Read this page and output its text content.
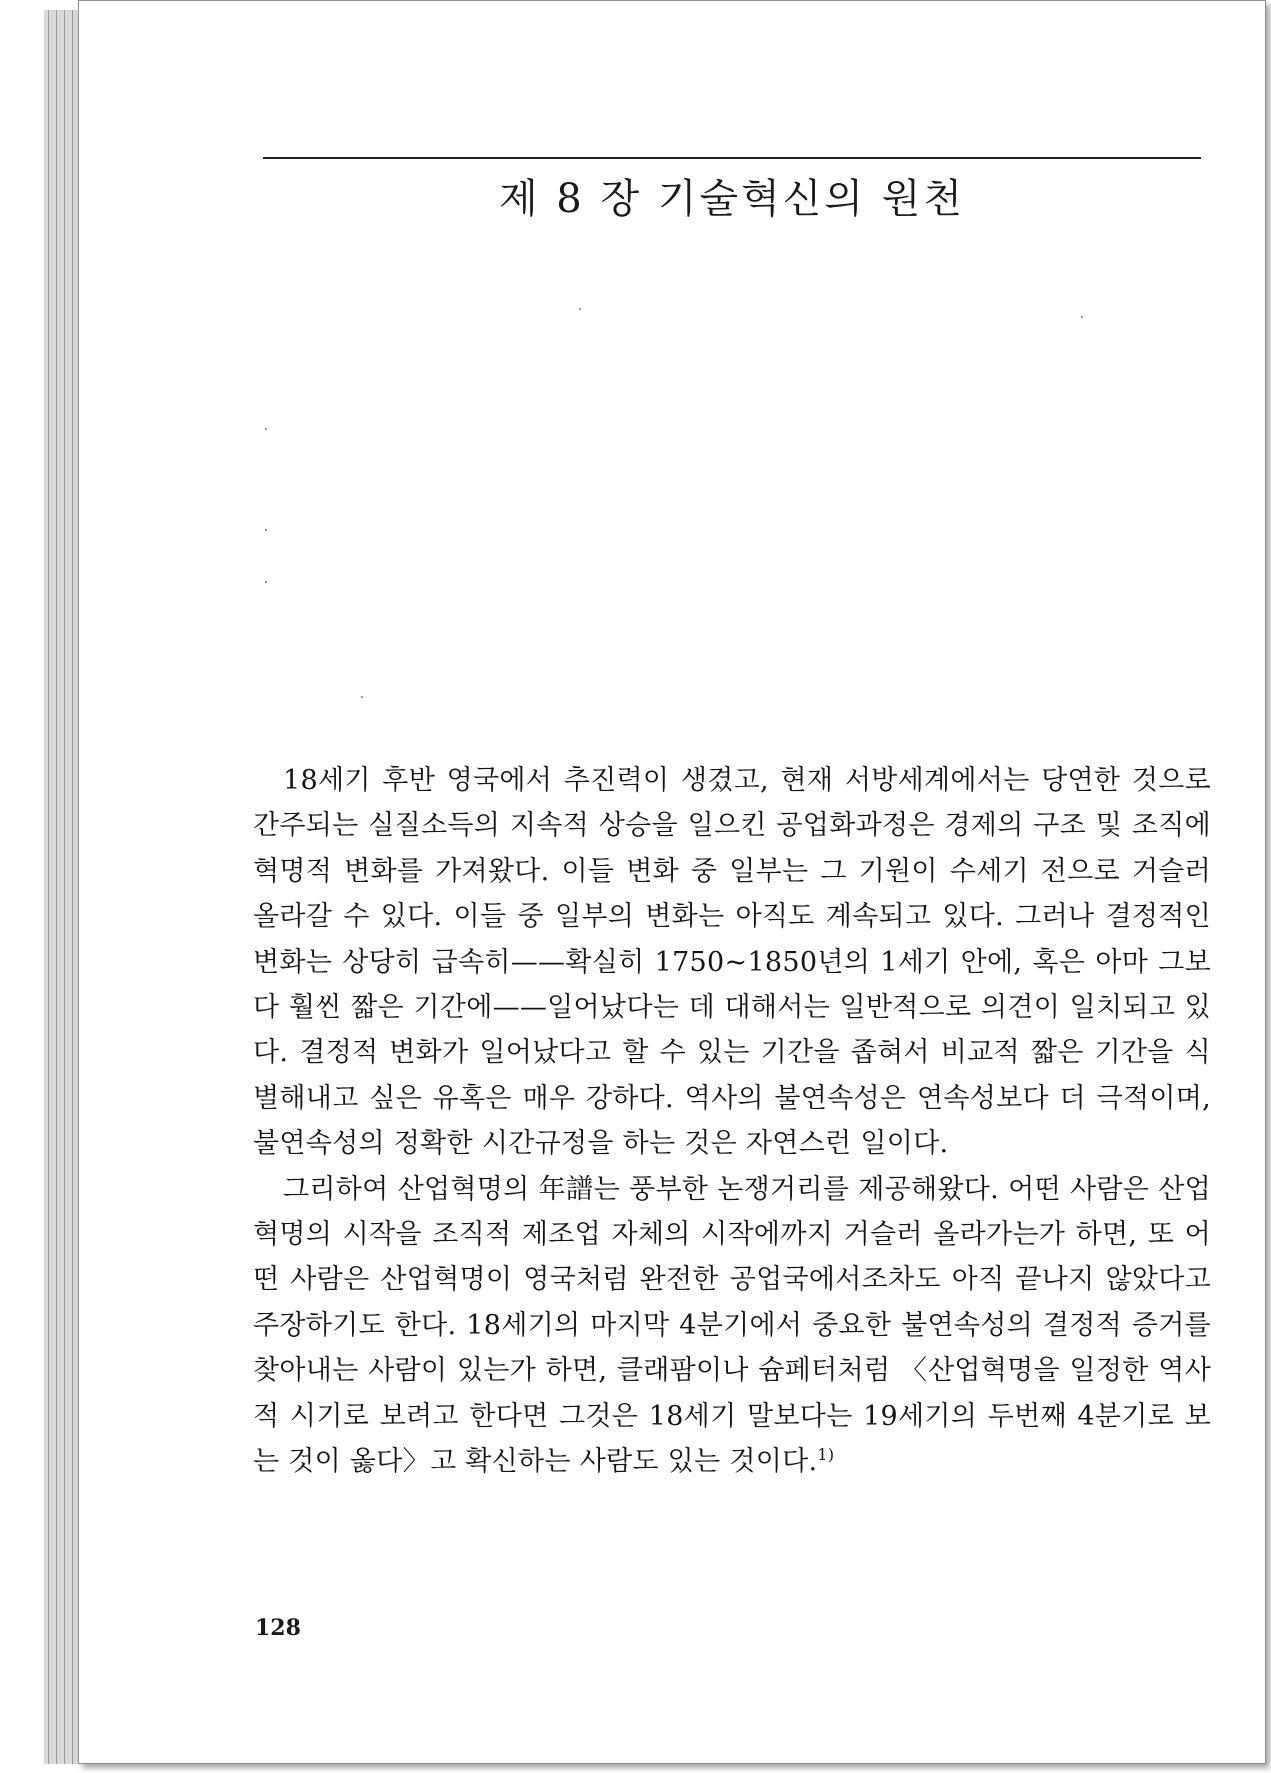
제 8 장 기술혁신의 원천

18세기 후반 영국에서 추진력이 생겼고, 현재 서방세계에서는 당연한 것으로 간주되는 실질소득의 지속적 상승을 일으킨 공업화과정은 경제의 구조 및 조직에 혁명적 변화를 가져왔다. 이들 변화 중 일부는 그 기원이 수세기 전으로 거슬러 올라갈 수 있다. 이들 중 일부의 변화는 아직도 계속되고 있다. 그러나 결정적인 변화는 상당히 급속히——확실히 1750~1850년의 1세기 안에, 혹은 아마 그보다 훨씬 짧은 기간에——일어났다는 데 대해서는 일반적으로 의견이 일치되고 있다. 결정적 변화가 일어났다고 할 수 있는 기간을 좁혀서 비교적 짧은 기간을 식별해내고 싶은 유혹은 매우 강하다. 역사의 불연속성은 연속성보다 더 극적이며, 불연속성의 정확한 시간규정을 하는 것은 자연스런 일이다.

그리하여 산업혁명의 年譜는 풍부한 논쟁거리를 제공해왔다. 어떤 사람은 산업혁명의 시작을 조직적 제조업 자체의 시작에까지 거슬러 올라가는가 하면, 또 어떤 사람은 산업혁명이 영국처럼 완전한 공업국에서조차도 아직 끝나지 않았다고 주장하기도 한다. 18세기의 마지막 4분기에서 중요한 불연속성의 결정적 증거를 찾아내는 사람이 있는가 하면, 클래팜이나 슘페터처럼 〈산업혁명을 일정한 역사적 시기로 보려고 한다면 그것은 18세기 말보다는 19세기의 두번째 4분기로 보는 것이 옳다〉고 확신하는 사람도 있는 것이다.$^{1)}$

128
